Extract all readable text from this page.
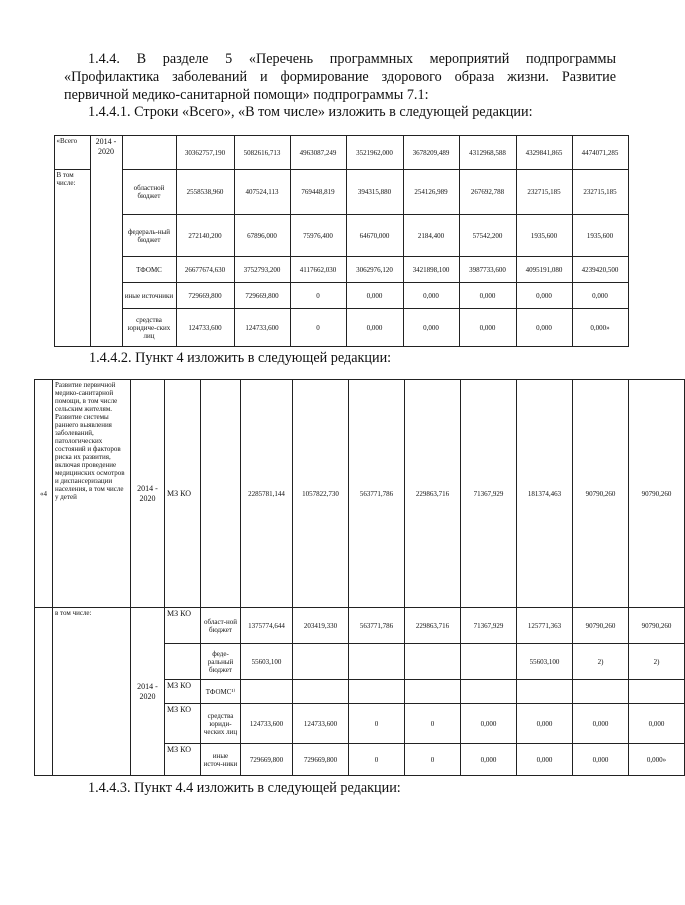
1.4.4. В разделе 5 «Перечень программных мероприятий подпрограммы «Профилактика заболеваний и формирование здорового образа жизни. Развитие первичной медико-санитарной помощи» подпрограммы 7.1:

1.4.4.1. Строки «Всего», «В том числе» изложить в следующей редакции:

	«Всего	2014 - 2020		30362757,190	5082616,713	4963087,249	3521962,000	3678209,489	4312968,588	4329841,865	4474071,285
	В том числе:		областной бюджет	2558538,960	407524,113	769448,819	394315,880	254126,989	267692,788	232715,185	232715,185
			федераль-ный бюджет	272140,200	67896,000	75976,400	64670,000	2184,400	57542,200	1935,600	1935,600
			ТФОМС	26677674,630	3752793,200	4117662,030	3062976,120	3421898,100	3987733,600	4095191,080	4239420,500
			иные источники	729669,800	729669,800	0	0,000	0,000	0,000	0,000	0,000
			средства юридиче-ских лиц	124733,600	124733,600	0	0,000	0,000	0,000	0,000	0,000»

1.4.4.2. Пункт 4 изложить в следующей редакции:

«4	Развитие первичной медико-санитарной помощи, в том числе сельским жителям. Развитие системы раннего выявления заболеваний, патологических состояний и факторов риска их развития, включая проведение медицинских осмотров и диспансеризации населения, в том числе у детей	2014 - 2020	МЗ КО		2285781,144	1057822,730	563771,786	229863,716	71367,929	181374,463	90790,260	90790,260
	в том числе:	2014 - 2020	МЗ КО	област-ной бюджет	1375774,644	203419,330	563771,786	229863,716	71367,929	125771,363	90790,260	90790,260
				феде-ральный бюджет	55603,100					55603,100	2)	2)
			МЗ КО	ТФОМС¹⁾								
			МЗ КО	средства юриди-ческих лиц	124733,600	124733,600	0	0	0,000	0,000	0,000	0,000
			МЗ КО	иные источ-ники	729669,800	729669,800	0	0	0,000	0,000	0,000	0,000»

1.4.4.3. Пункт 4.4 изложить в следующей редакции:
